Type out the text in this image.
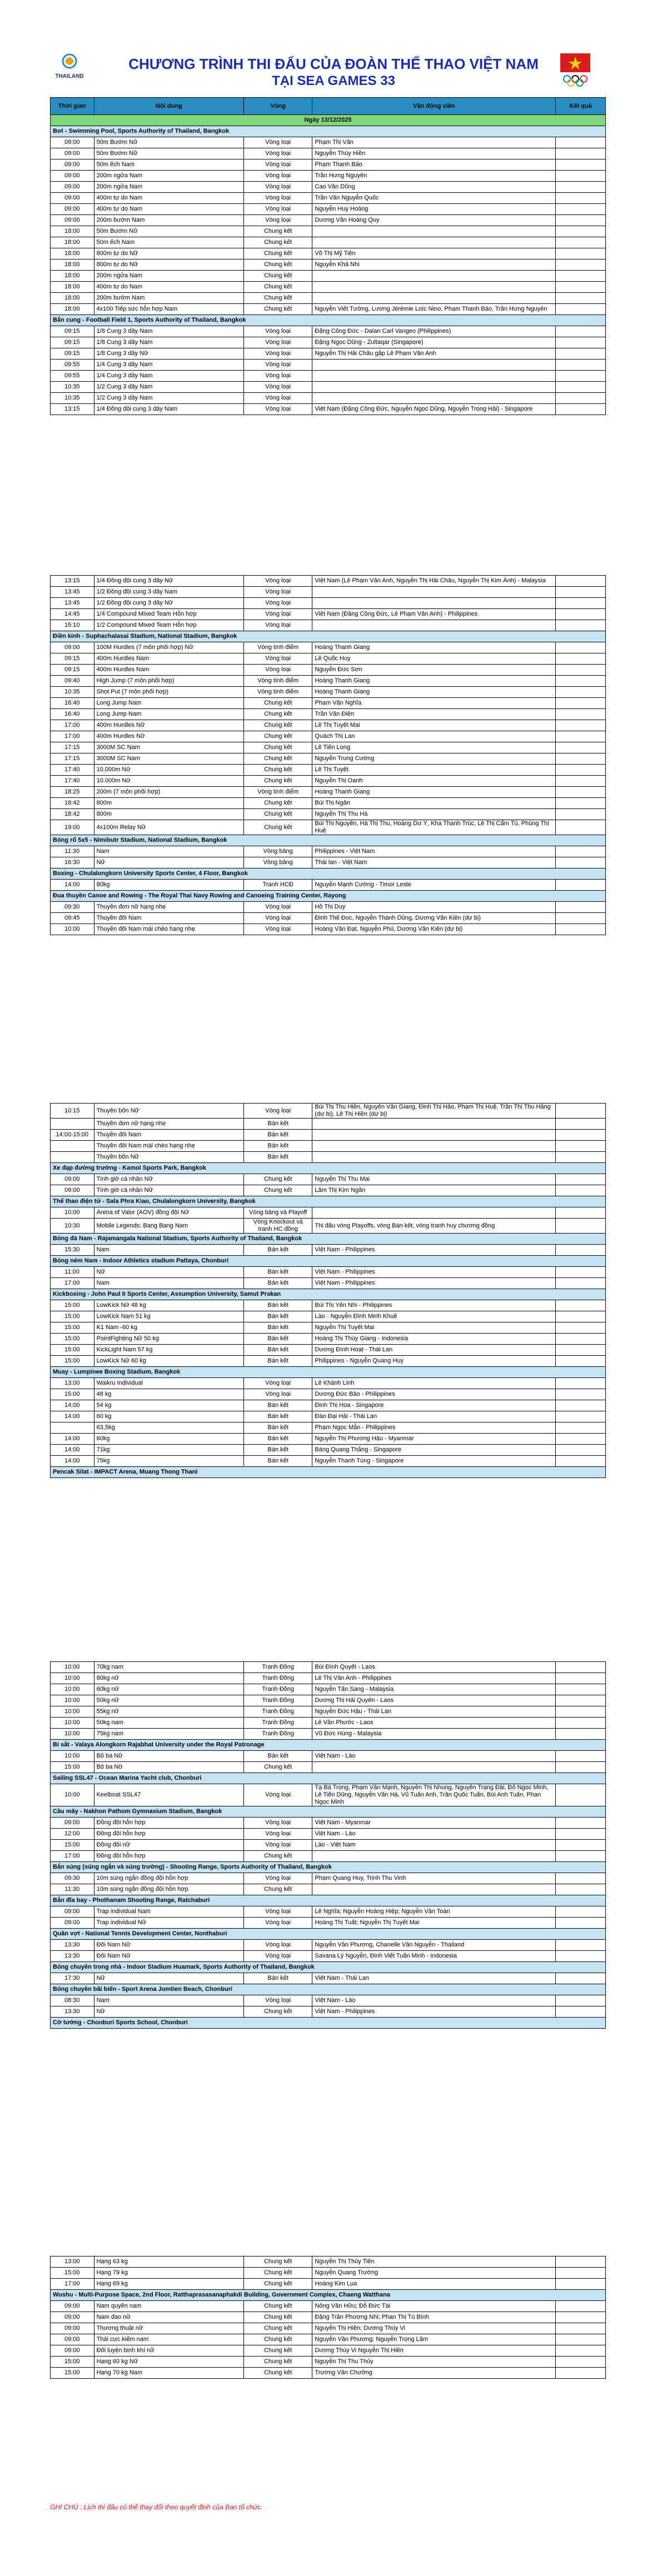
THAILAND
CHƯƠNG TRÌNH THI ĐẤU CỦA ĐOÀN THỂ THAO VIỆT NAM
TẠI SEA GAMES 33
Thời gian	Nội dung	Vòng	Vận động viên	Kết quả
Ngày 13/12/2025				
Bơi - Swimming Pool, Sports Authority of Thailand, Bangkok				
09:00	50m Bướm Nữ	Vòng loại	Phạm Thị Vân	
09:00	50m Bướm Nữ	Vòng loại	Nguyễn Thúy Hiền	
09:00	50m ếch Nam	Vòng loại	Phạm Thanh Bảo	
09:00	200m ngửa Nam	Vòng loại	Trần Hưng Nguyên	
09:00	200m ngửa Nam	Vòng loại	Cao Văn Dũng	
09:00	400m tự do Nam	Vòng loại	Trần Văn Nguyễn Quốc	
09:00	400m tự do Nam	Vòng loại	Nguyễn Huy Hoàng	
09:00	200m bướm Nam	Vòng loại	Dương Văn Hoàng Quy	
18:00	50m Bướm Nữ	Chung kết		
18:00	50m ếch Nam	Chung kết		
18:00	800m tự do Nữ	Chung kết	Võ Thị Mỹ Tiên	
18:00	800m tự do Nữ	Chung kết	Nguyễn Khả Nhi	
18:00	200m ngửa Nam	Chung kết		
18:00	400m tự do Nam	Chung kết		
18:00	200m bướm Nam	Chung kết		
18:00	4x100 Tiếp sức hỗn hợp Nam	Chung kết	Nguyễn Viết Tường, Lương Jérémie Loïc Nino, Phạm Thanh Bảo, Trần Hưng Nguyên	
Bắn cung - Football Field 1, Sports Authority of Thailand, Bangkok				
09:15	1/8 Cung 3 dây Nam	Vòng loại	Đặng Công Đức - Dalan Carl Vangeo (Philippines)	
09:15	1/8 Cung 3 dây Nam	Vòng loại	Đặng Ngọc Dũng - Zultaqar (Singapore)	
09:15	1/8 Cung 3 dây Nữ	Vòng loại	Nguyễn Thị Hải Châu gặp Lê Phạm Vân Anh	
09:55	1/4 Cung 3 dây Nam	Vòng loại		
09:55	1/4 Cung 3 dây Nam	Vòng loại		
10:35	1/2 Cung 3 dây Nam	Vòng loại		
10:35	1/2 Cung 3 dây Nam	Vòng loại		
13:15	1/4 Đồng đội cung 3 dây Nam	Vòng loại	Việt Nam (Đặng Công Đức, Nguyễn Ngọc Dũng, Nguyễn Trọng Hải) - Singapore	
13:15	1/4 Đồng đội cung 3 dây Nữ	Vòng loại	Việt Nam (Lê Phạm Vân Anh, Nguyễn Thị Hải Châu, Nguyễn Thị Kim Ánh) - Malaysia	
13:45	1/2 Đồng đội cung 3 dây Nam	Vòng loại		
13:45	1/2 Đồng đội cung 3 dây Nữ	Vòng loại		
14:45	1/4 Compound Mixed Team Hỗn hợp	Vòng loại	Việt Nam (Đặng Công Đức, Lê Phạm Vân Anh) - Philippines	
15:10	1/2 Compound Mixed Team Hỗn hợp	Vòng loại		
Điền kinh - Suphachalasai Stadium, National Stadium, Bangkok				
09:00	100M Hurdles (7 môn phối hợp) Nữ	Vòng tính điểm	Hoàng Thanh Giang	
09:15	400m Hurdles Nam	Vòng loại	Lê Quốc Huy	
09:15	400m Hurdles Nam	Vòng loại	Nguyễn Đức Sơn	
09:40	High Jump (7 môn phối hợp)	Vòng tính điểm	Hoàng Thanh Giang	
10:35	Shot Put (7 môn phối hợp)	Vòng tính điểm	Hoàng Thanh Giang	
16:40	Long Jump Nam	Chung kết	Phạm Văn Nghĩa	
16:40	Long Jump Nam	Chung kết	Trần Văn Điện	
17:00	400m Hurdles Nữ	Chung kết	Lê Thị Tuyết Mai	
17:00	400m Hurdles Nữ	Chung kết	Quách Thị Lan	
17:15	3000M SC Nam	Chung kết	Lê Tiến Long	
17:15	3000M SC Nam	Chung kết	Nguyễn Trung Cường	
17:40	10.000m Nữ	Chung kết	Lê Thị Tuyết	
17:40	10.000m Nữ	Chung kết	Nguyễn Thị Oanh	
18:25	200m (7 môn phối hợp)	Vòng tính điểm	Hoàng Thanh Giang	
18:42	800m	Chung kết	Bùi Thị Ngân	
18:42	800m	Chung kết	Nguyễn Thị Thu Hà	
19:00	4x100m Relay Nữ	Chung kết	Bùi Thị Nguyên, Hà Thị Thu, Hoàng Dư Ý, Kha Thanh Trúc, Lê Thị Cẩm Tú, Phùng Thị Huệ	
Bóng rổ 5x5 - Nimibutr Stadium, National Stadium, Bangkok				
11:30	Nam	Vòng bảng	Philippines - Việt Nam	
16:30	Nữ	Vòng bảng	Thái lan - Việt Nam	
Boxing - Chulalongkorn University Sports Center, 4 Floor, Bangkok				
14:00	80kg	Tranh HCĐ	Nguyễn Mạnh Cường - Timor Leste	
Đua thuyền Canoe and Rowing - The Royal Thai Navy Rowing and Canoeing Training Center, Rayong				
09:30	Thuyền đơn nữ hạng nhẹ	Vòng loại	Hồ Thị Duy	
09:45	Thuyền đôi Nam	Vòng loại	Đinh Thế Đoc, Nguyễn Thành Dũng, Dương Văn Kiên (dự bị)	
10:00	Thuyền đôi Nam mái chèo hạng nhẹ	Vòng loại	Hoàng Văn Đạt, Nguyễn Phú, Dương Văn Kiên (dự bị)	
10:15	Thuyền bốn Nữ	Vòng loại	Bùi Thị Thu Hiền, Nguyễn Văn Giang, Đinh Thị Hảo, Phạm Thị Huệ, Trần Thị Thu Hằng (dự bị), Lê Thị Hiền (dự bị)	
	Thuyền đơn nữ hạng nhẹ	Bán kết		
14:00-15:00	Thuyền đôi Nam	Bán kết		
	Thuyền đôi Nam mái chèo hạng nhẹ	Bán kết		
	Thuyền bốn Nữ	Bán kết		
Xe đạp đường trường - Kamoi Sports Park, Bangkok				
09:00	Tính giờ cá nhân Nữ	Chung kết	Nguyễn Thị Thu Mai	
09:00	Tính giờ cá nhân Nữ	Chung kết	Lâm Thị Kim Ngân	
Thể thao điện tử - Sala Phra Kiao, Chulalongkorn University, Bangkok				
10:00	Arena of Valor (AOV) đồng đội Nữ	Vòng bảng và Playoff		
10:30	Mobile Legends: Bang Bang Nam	Vòng Knockout và tranh HC đồng	Thi đấu vòng Playoffs, vòng Bán kết, vòng tranh huy chương đồng	
Bóng đá Nam - Rajamangala National Stadium, Sports Authority of Thailand, Bangkok				
15:30	Nam	Bán kết	Việt Nam - Philippines	
Bóng ném Nam - Indoor Athletics stadium Pattaya, Chonburi				
11:00	Nữ	Bán kết	Việt Nam - Philippines	
17:00	Nam	Bán kết	Việt Nam - Philippines	
Kickboxing - John Paul II Sports Center, Assumption University, Samut Prakan				
15:00	LowKick Nữ 48 kg	Bán kết	Bùi Thị Yến Nhi - Philippines	
15:00	LowKick Nam 51 kg	Bán kết	Lào - Nguyễn Đình Minh Khuê	
15:00	K1 Nam -60 kg	Bán kết	Nguyễn Thị Tuyết Mai	
15:00	PointFighting Nữ 50 kg	Bán kết	Hoàng Thị Thùy Giang - Indonesia	
15:00	KickLight Nam 57 kg	Bán kết	Dương Đình Hoạt - Thái Lan	
15:00	LowKick Nữ 60 kg	Bán kết	Philippines - Nguyễn Quang Huy	
Muay - Lumpinee Boxing Stadium, Bangkok				
13:00	Waikru Individual	Vòng loại	Lê Khánh Linh	
15:00	48 kg	Vòng loại	Dương Đức Bảo - Philippines	
14:00	54 kg	Bán kết	Đinh Thị Hoa - Singapore	
14:00	60 kg	Bán kết	Đào Đại Hải - Thái Lan	
	63,5kg	Bán kết	Phạm Ngọc Mẫn - Philippines	
14:00	60kg	Bán kết	Nguyễn Thị Phương Hậu - Myanmar	
14:00	71kg	Bán kết	Bàng Quang Thắng - Singapore	
14:00	75kg	Bán kết	Nguyễn Thanh Tùng - Singapore	
Pencak Silat - IMPACT Arena, Muang Thong Thani				
10:00	70kg nam	Tranh Đồng	Bùi Đình Quyết - Laos	
10:00	80kg nữ	Tranh Đồng	Lê Thị Vân Anh - Philippines	
10:00	60kg nữ	Tranh Đồng	Nguyễn Tấn Sang - Malaysia	
10:00	50kg nữ	Tranh Đồng	Dương Thị Hải Quyên - Laos	
10:00	55kg nữ	Tranh Đồng	Nguyễn Đức Hậu - Thái Lan	
10:00	50kg nam	Tranh Đồng	Lê Văn Phước - Laos	
10:00	75kg nam	Tranh Đồng	Vũ Đức Hùng - Malaysia	
Bi sắt - Valaya Alongkorn Rajabhat University under the Royal Patronage				
10:00	Bộ ba Nữ	Bán kết	Việt Nam - Lào	
15:00	Bộ ba Nữ	Chung kết		
Sailing SSL47 - Ocean Marina Yacht club, Chonburi				
10:00	Keelboat SSL47	Vòng loại	Tạ Bá Trọng, Phạm Văn Mạnh, Nguyễn Thị Nhung, Nguyễn Trang Đài, Đỗ Ngọc Minh, Lê Tiến Dũng, Nguyễn Văn Hà, Vũ Tuấn Anh, Trần Quốc Tuấn, Bùi Anh Tuấn, Phan Ngọc Minh	
Cầu mây - Nakhon Pathom Gymnasium Stadium, Bangkok				
09:00	Đồng đội hỗn hợp	Vòng loại	Việt Nam - Myanmar	
12:00	Đồng đội hỗn hợp	Vòng loại	Việt Nam - Lào	
15:00	Đồng đội nữ	Vòng loại	Lào - Việt Nam	
17:00	Đồng đội hỗn hợp	Chung kết		
Bắn súng (súng ngắn và súng trường) - Shooting Range, Sports Authority of Thailand, Bangkok				
09:30	10m súng ngắn đồng đội hỗn hợp	Vòng loại	Phạm Quang Huy, Trịnh Thu Vinh	
11:30	10m súng ngắn đồng đội hỗn hợp	Chung kết		
Bắn đĩa bay - Phothanam Shooting Range, Ratchaburi				
09:00	Trap individual Nam	Vòng loại	Lê Nghĩa; Nguyễn Hoàng Hiệp; Nguyễn Văn Toàn	
09:00	Trap individual Nữ	Vòng loại	Hoàng Thị Tuất; Nguyễn Thị Tuyết Mai	
Quần vợt - National Tennis Development Center, Nonthaburi				
13:30	Đôi Nam Nữ	Vòng loại	Nguyễn Văn Phương, Chanelle Văn Nguyễn - Thailand	
13:30	Đôi Nam Nữ	Vòng loại	Savana Lý Nguyễn, Đinh Viết Tuấn Minh - Indonesia	
Bóng chuyền trong nhà - Indoor Stadium Huamark, Sports Authority of Thailand, Bangkok				
17:30	Nữ	Bán kết	Việt Nam - Thái Lan	
Bóng chuyền bãi biển - Sport Arena Jomtien Beach, Chonburi				
08:30	Nam	Vòng loại	Việt Nam - Lào	
13:30	Nữ	Chung kết	Việt Nam - Philippines	
Cờ tướng - Chonburi Sports School, Chonburi				
13:00	Hạng 63 kg	Chung kết	Nguyễn Thị Thủy Tiên	
15:00	Hạng 79 kg	Chung kết	Nguyễn Quang Trường	
17:00	Hạng 69 kg	Chung kết	Hoàng Kim Lụa	
Wushu - Multi-Purpose Space, 2nd Floor, Ratthaprasasanaphakdi Building, Government Complex, Chaeng Watthana				
09:00	Nam quyền nam	Chung kết	Nông Văn Hữu; Đỗ Đức Tài	
09:00	Nam đao nữ	Chung kết	Đặng Trần Phương Nhi; Phan Thị Tú Bình	
09:00	Thương thuật nữ	Chung kết	Nguyễn Thị Hiền; Dương Thúy Vi	
09:00	Thái cực kiếm nam	Chung kết	Nguyễn Văn Phương; Nguyễn Trọng Lâm	
09:00	Đối luyện binh khí nữ	Chung kết	Dương Thúy Vi Nguyễn Thị Hiền	
15:00	Hạng 60 kg Nữ	Chung kết	Nguyễn Thị Thu Thủy	
15:00	Hạng 70 kg Nam	Chung kết	Trương Văn Chưởng	
GHI CHÚ : Lịch thi đấu có thể thay đổi theo quyết định của Ban tổ chức
